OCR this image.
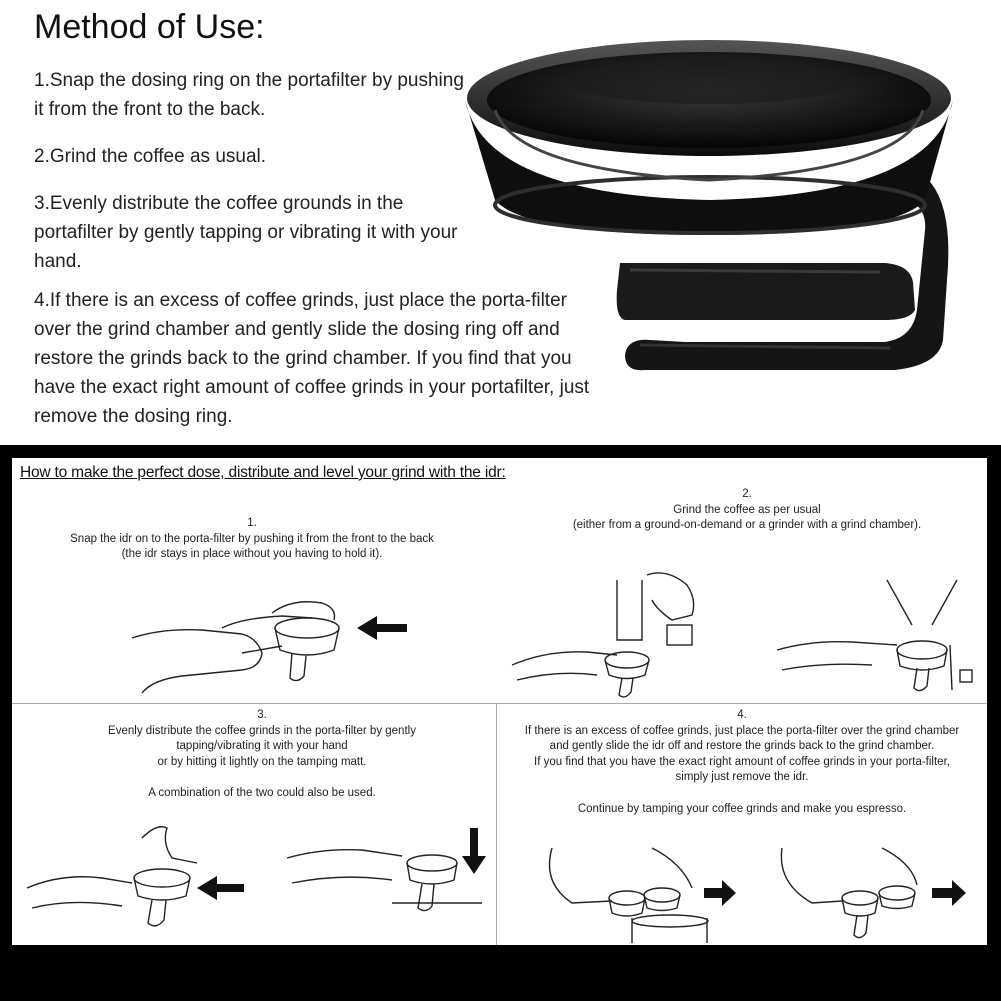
Method of Use:
1.Snap the dosing ring on the portafilter by pushing it from the front to the back.
2.Grind the coffee as usual.
3.Evenly distribute the coffee grounds in the portafilter by gently tapping or vibrating it with your hand.
4.If there is an excess of coffee grinds, just place the porta-filter over the grind chamber and gently slide the dosing ring off and restore the grinds back to the grind chamber. If you find that you have the exact right amount of coffee grinds in your portafilter, just remove the dosing ring.
How to make the perfect dose, distribute and level your grind with the idr:
1.
Snap the idr on to the porta-filter by pushing it from the front to the back
(the idr stays in place without you having to hold it).
2.
Grind the coffee as per usual
(either from a ground-on-demand or a grinder with a grind chamber).
3.
Evenly distribute the coffee grinds in the porta-filter by gently
tapping/vibrating it with your hand
or by hitting it lightly on the tamping matt.
A combination of the two could also be used.
4.
If there is an excess of coffee grinds, just place the porta-filter over the grind chamber
and gently slide the idr off and restore the grinds back to the grind chamber.
If you find that you have the exact right amount of coffee grinds in your porta-filter,
simply just remove the idr.
Continue by tamping your coffee grinds and make you espresso.
